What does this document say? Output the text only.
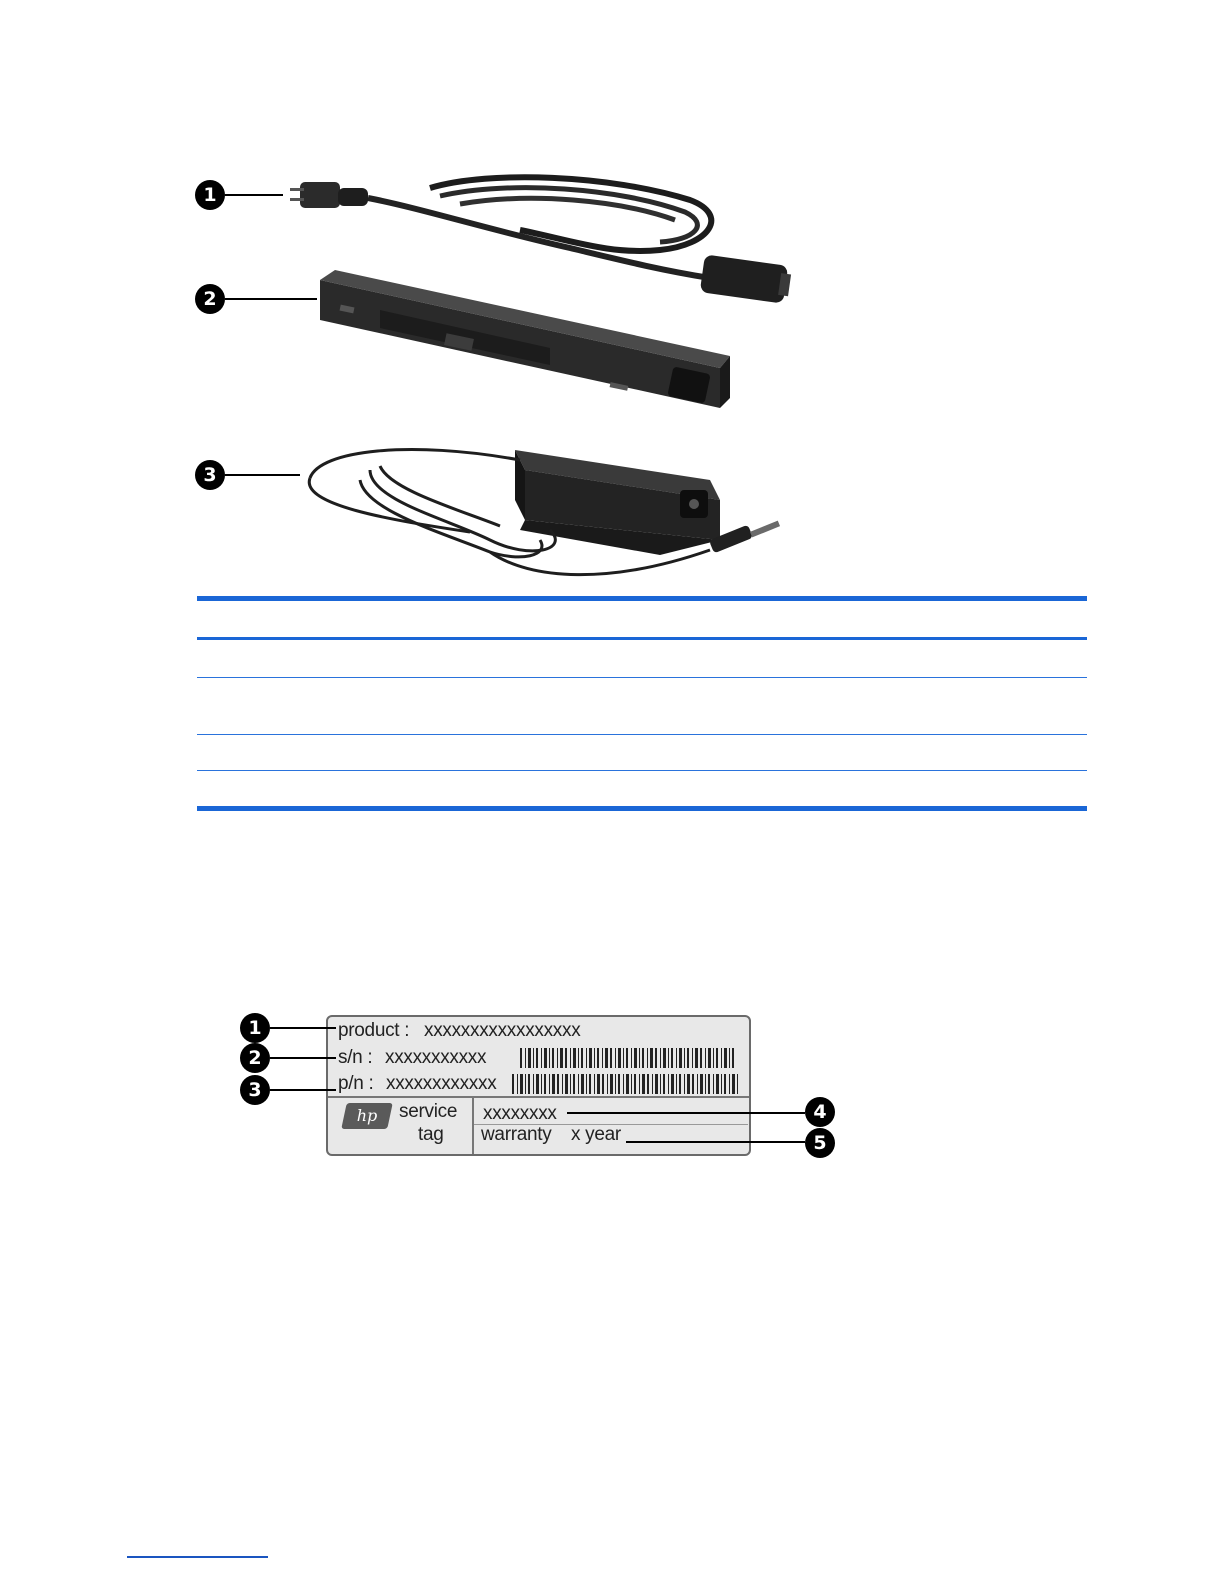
1
2
3
product : xxxxxxxxxxxxxxxxx
s/n : xxxxxxxxxxx
p/n : xxxxxxxxxxxx
hp	service
tag
xxxxxxxx
warranty x year
1
2
3
4
5
